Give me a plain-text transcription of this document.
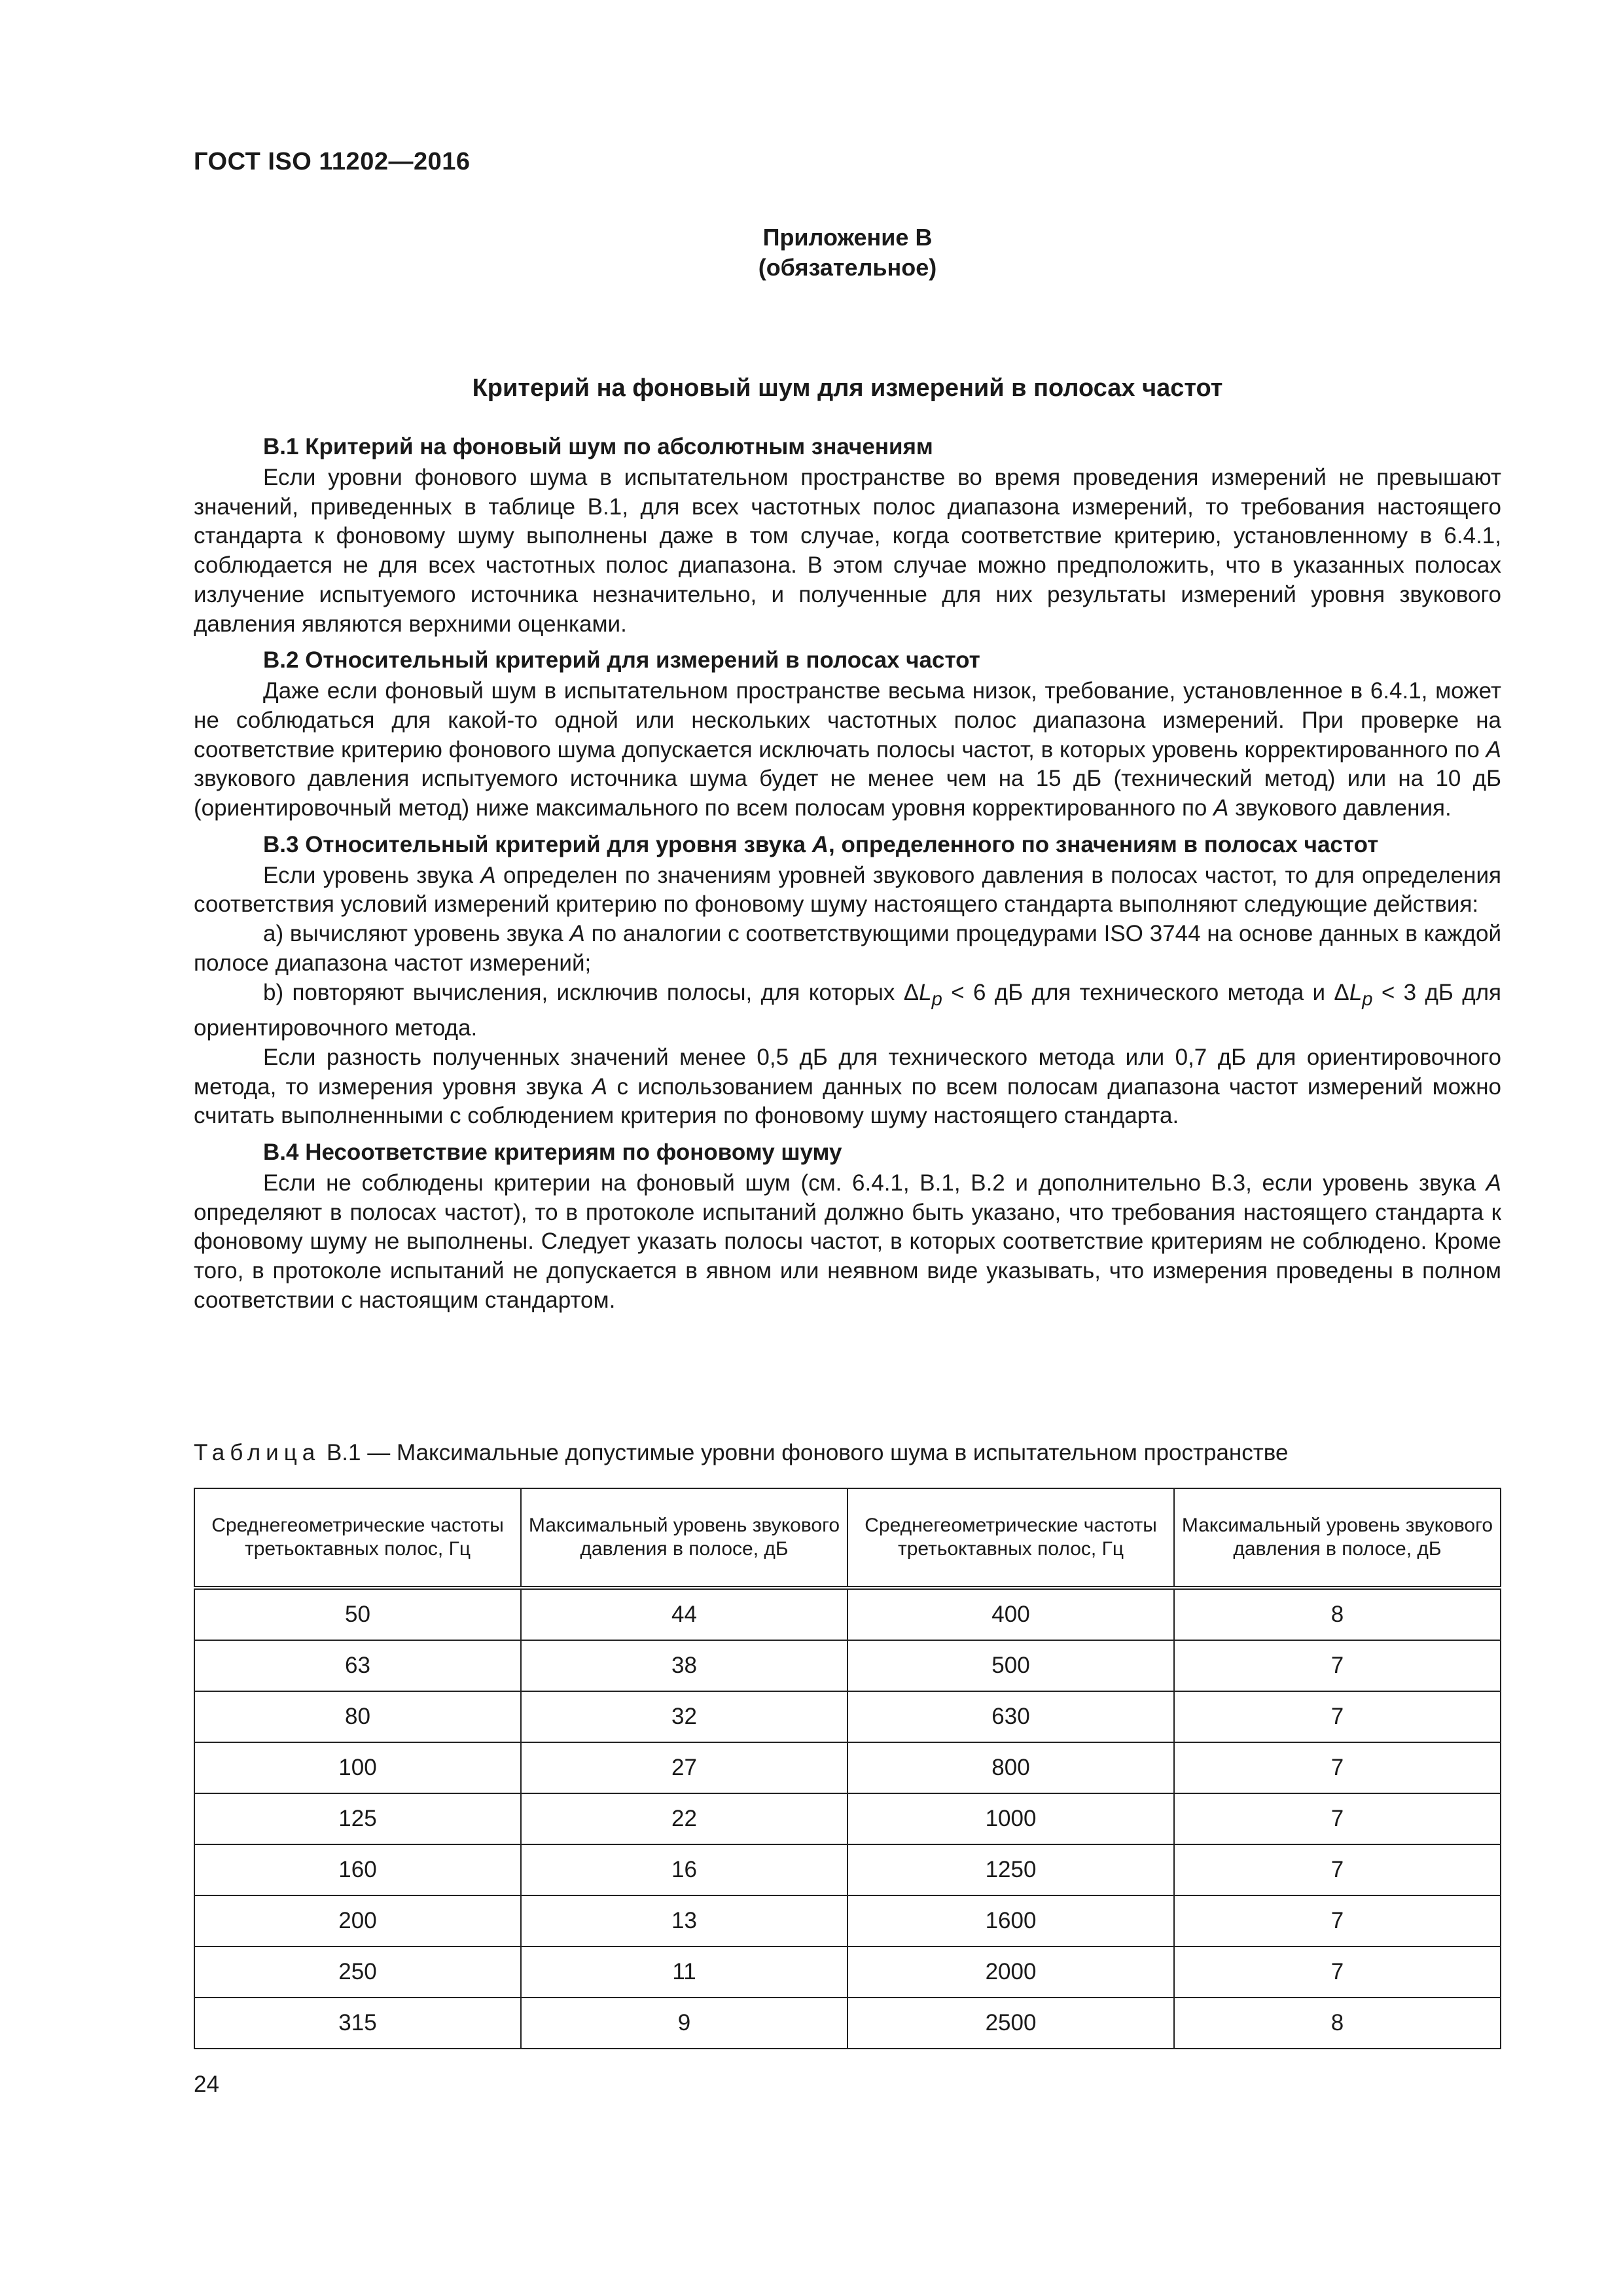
ГОСТ ISO 11202—2016
Приложение В
(обязательное)
Критерий на фоновый шум для измерений в полосах частот
В.1 Критерий на фоновый шум по абсолютным значениям

Если уровни фонового шума в испытательном пространстве во время проведения измерений не превышают значений, приведенных в таблице В.1, для всех частотных полос диапазона измерений, то требования настоящего стандарта к фоновому шуму выполнены даже в том случае, когда соответствие критерию, установленному в 6.4.1, соблюдается не для всех частотных полос диапазона. В этом случае можно предположить, что в указанных полосах излучение испытуемого источника незначительно, и полученные для них результаты измерений уровня звукового давления являются верхними оценками.

В.2 Относительный критерий для измерений в полосах частот

Даже если фоновый шум в испытательном пространстве весьма низок, требование, установленное в 6.4.1, может не соблюдаться для какой-то одной или нескольких частотных полос диапазона измерений. При проверке на соответствие критерию фонового шума допускается исключать полосы частот, в которых уровень корректированного по A звукового давления испытуемого источника шума будет не менее чем на 15 дБ (технический метод) или на 10 дБ (ориентировочный метод) ниже максимального по всем полосам уровня корректированного по A звукового давления.

В.3 Относительный критерий для уровня звука A, определенного по значениям в полосах частот

Если уровень звука A определен по значениям уровней звукового давления в полосах частот, то для определения соответствия условий измерений критерию по фоновому шуму настоящего стандарта выполняют следующие действия:

a) вычисляют уровень звука A по аналогии с соответствующими процедурами ISO 3744 на основе данных в каждой полосе диапазона частот измерений;

b) повторяют вычисления, исключив полосы, для которых $\Delta L_p < 6$ дБ для технического метода и $\Delta L_p < 3$ дБ для ориентировочного метода.

Если разность полученных значений менее 0,5 дБ для технического метода или 0,7 дБ для ориентировочного метода, то измерения уровня звука A с использованием данных по всем полосам диапазона частот измерений можно считать выполненными с соблюдением критерия по фоновому шуму настоящего стандарта.

В.4 Несоответствие критериям по фоновому шуму

Если не соблюдены критерии на фоновый шум (см. 6.4.1, В.1, В.2 и дополнительно В.3, если уровень звука A определяют в полосах частот), то в протоколе испытаний должно быть указано, что требования настоящего стандарта к фоновому шуму не выполнены. Следует указать полосы частот, в которых соответствие критериям не соблюдено. Кроме того, в протоколе испытаний не допускается в явном или неявном виде указывать, что измерения проведены в полном соответствии с настоящим стандартом.

Таблица В.1 — Максимальные допустимые уровни фонового шума в испытательном пространстве
Среднегеометрические частоты третьоктавных полос, Гц	Максимальный уровень звукового давления в полосе, дБ	Среднегеометрические частоты третьоктавных полос, Гц	Максимальный уровень звукового давления в полосе, дБ
50	44	400	8
63	38	500	7
80	32	630	7
100	27	800	7
125	22	1000	7
160	16	1250	7
200	13	1600	7
250	11	2000	7
315	9	2500	8
24
